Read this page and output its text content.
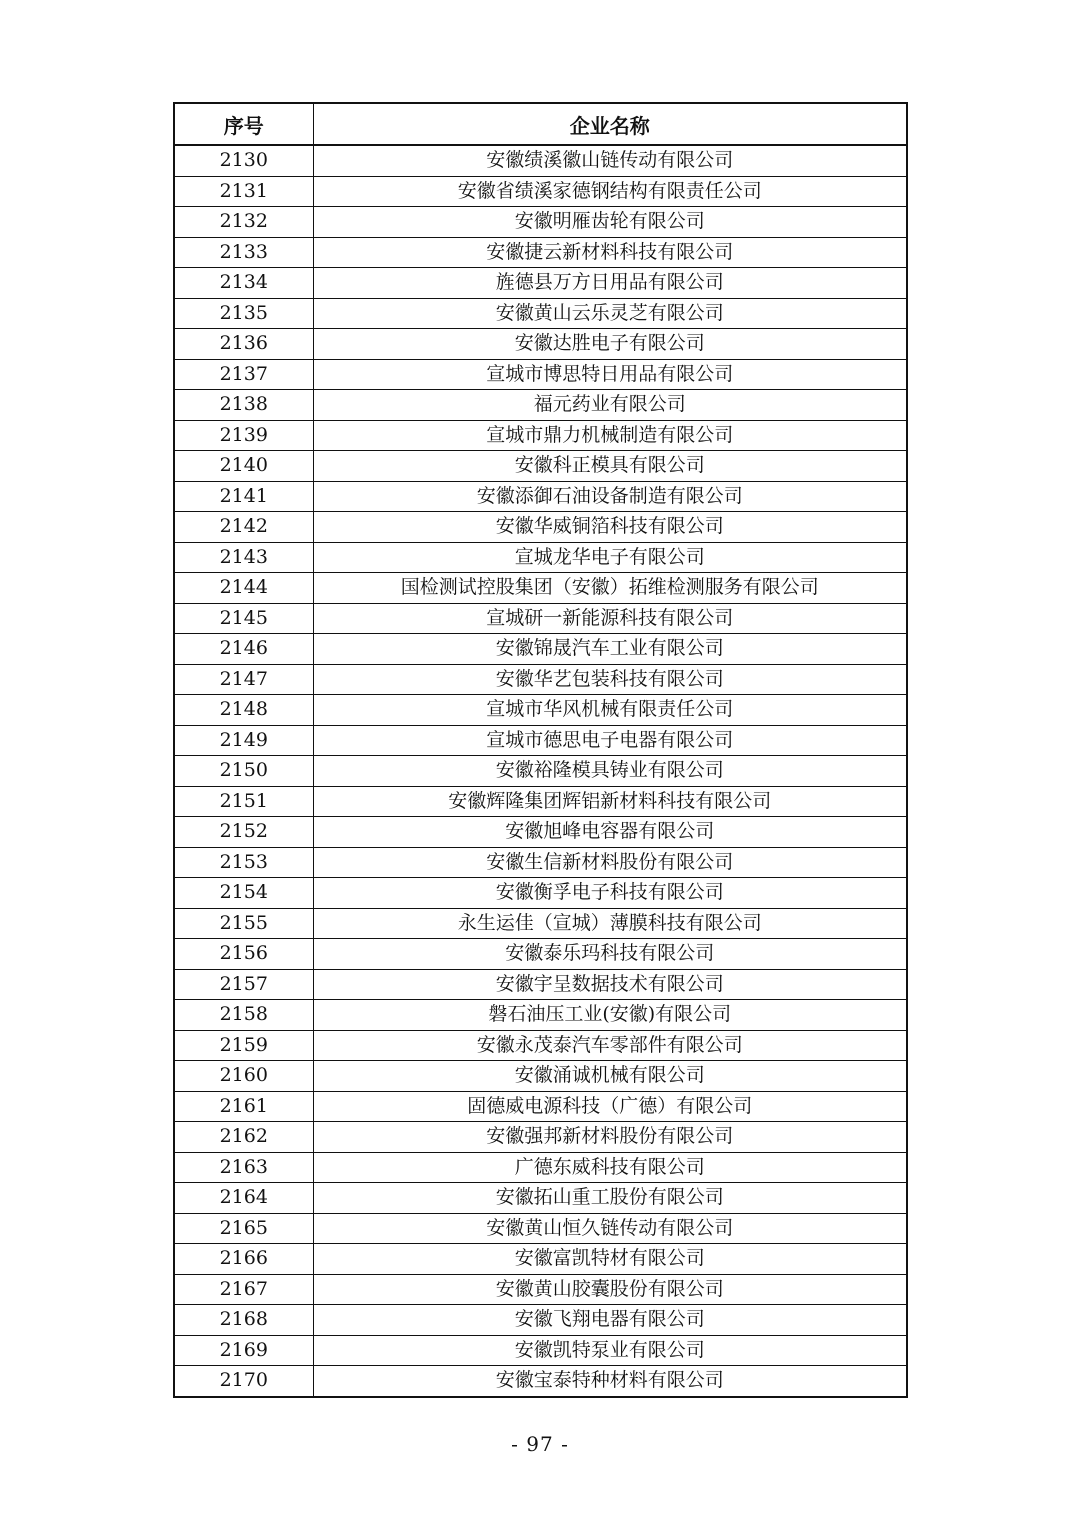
序号	企业名称
2130	安徽绩溪徽山链传动有限公司
2131	安徽省绩溪家德钢结构有限责任公司
2132	安徽明雁齿轮有限公司
2133	安徽捷云新材料科技有限公司
2134	旌德县万方日用品有限公司
2135	安徽黄山云乐灵芝有限公司
2136	安徽达胜电子有限公司
2137	宣城市博思特日用品有限公司
2138	福元药业有限公司
2139	宣城市鼎力机械制造有限公司
2140	安徽科正模具有限公司
2141	安徽添御石油设备制造有限公司
2142	安徽华威铜箔科技有限公司
2143	宣城龙华电子有限公司
2144	国检测试控股集团（安徽）拓维检测服务有限公司
2145	宣城研一新能源科技有限公司
2146	安徽锦晟汽车工业有限公司
2147	安徽华艺包装科技有限公司
2148	宣城市华风机械有限责任公司
2149	宣城市德思电子电器有限公司
2150	安徽裕隆模具铸业有限公司
2151	安徽辉隆集团辉铝新材料科技有限公司
2152	安徽旭峰电容器有限公司
2153	安徽生信新材料股份有限公司
2154	安徽衡孚电子科技有限公司
2155	永生运佳（宣城）薄膜科技有限公司
2156	安徽泰乐玛科技有限公司
2157	安徽宇呈数据技术有限公司
2158	磐石油压工业(安徽)有限公司
2159	安徽永茂泰汽车零部件有限公司
2160	安徽涌诚机械有限公司
2161	固德威电源科技（广德）有限公司
2162	安徽强邦新材料股份有限公司
2163	广德东威科技有限公司
2164	安徽拓山重工股份有限公司
2165	安徽黄山恒久链传动有限公司
2166	安徽富凯特材有限公司
2167	安徽黄山胶囊股份有限公司
2168	安徽飞翔电器有限公司
2169	安徽凯特泵业有限公司
2170	安徽宝泰特种材料有限公司
- 97 -
